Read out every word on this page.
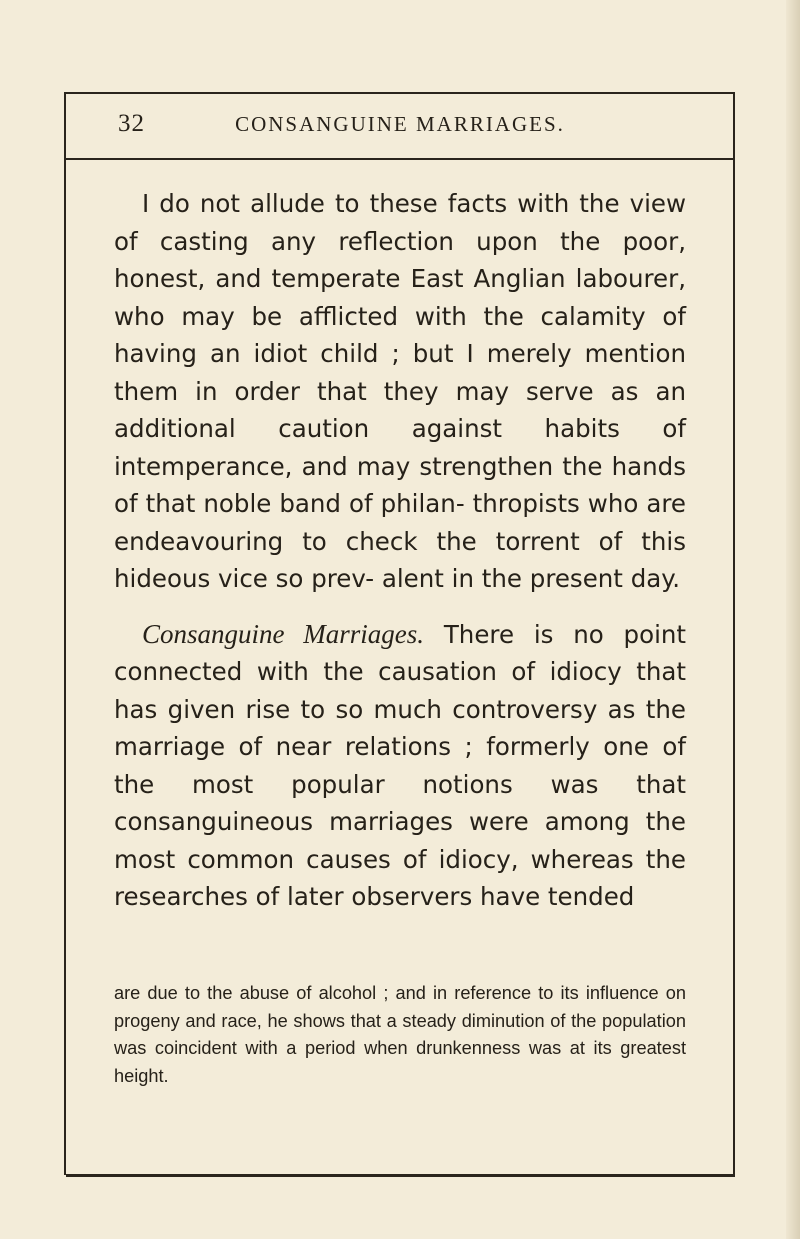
32	CONSANGUINE MARRIAGES.

I do not allude to these facts with the view of casting any reflection upon the poor, honest, and temperate East Anglian labourer, who may be afflicted with the calamity of having an idiot child ; but I merely mention them in order that they may serve as an additional caution against habits of intemperance, and may strengthen the hands of that noble band of philan- thropists who are endeavouring to check the torrent of this hideous vice so prev- alent in the present day.

Consanguine Marriages. There is no point connected with the causation of idiocy that has given rise to so much controversy as the marriage of near relations ; formerly one of the most popular notions was that consanguineous marriages were among the most common causes of idiocy, whereas the researches of later observers have tended

are due to the abuse of alcohol ; and in reference to its influence on progeny and race, he shows that a steady diminution of the population was coincident with a period when drunkenness was at its greatest height.
